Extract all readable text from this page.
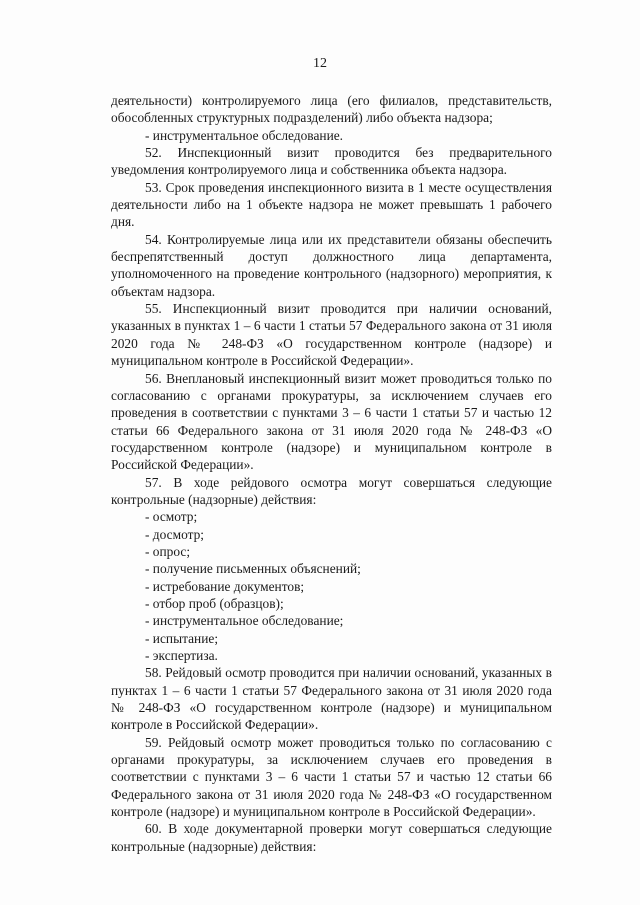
12

деятельности) контролируемого лица (его филиалов, представительств, обособленных структурных подразделений) либо объекта надзора;

- инструментальное обследование.

52. Инспекционный визит проводится без предварительного уведомления контролируемого лица и собственника объекта надзора.

53. Срок проведения инспекционного визита в 1 месте осуществления деятельности либо на 1 объекте надзора не может превышать 1 рабочего дня.

54. Контролируемые лица или их представители обязаны обеспечить беспрепятственный доступ должностного лица департамента, уполномоченного на проведение контрольного (надзорного) мероприятия, к объектам надзора.

55. Инспекционный визит проводится при наличии оснований, указанных в пунктах 1 – 6 части 1 статьи 57 Федерального закона от 31 июля 2020 года № 248-ФЗ «О государственном контроле (надзоре) и муниципальном контроле в Российской Федерации».

56. Внеплановый инспекционный визит может проводиться только по согласованию с органами прокуратуры, за исключением случаев его проведения в соответствии с пунктами 3 – 6 части 1 статьи 57 и частью 12 статьи 66 Федерального закона от 31 июля 2020 года № 248-ФЗ «О государственном контроле (надзоре) и муниципальном контроле в Российской Федерации».

57. В ходе рейдового осмотра могут совершаться следующие контрольные (надзорные) действия:

- осмотр;

- досмотр;

- опрос;

- получение письменных объяснений;

- истребование документов;

- отбор проб (образцов);

- инструментальное обследование;

- испытание;

- экспертиза.

58. Рейдовый осмотр проводится при наличии оснований, указанных в пунктах 1 – 6 части 1 статьи 57 Федерального закона от 31 июля 2020 года № 248-ФЗ «О государственном контроле (надзоре) и муниципальном контроле в Российской Федерации».

59. Рейдовый осмотр может проводиться только по согласованию с органами прокуратуры, за исключением случаев его проведения в соответствии с пунктами 3 – 6 части 1 статьи 57 и частью 12 статьи 66 Федерального закона от 31 июля 2020 года № 248-ФЗ «О государственном контроле (надзоре) и муниципальном контроле в Российской Федерации».

60. В ходе документарной проверки могут совершаться следующие контрольные (надзорные) действия:
